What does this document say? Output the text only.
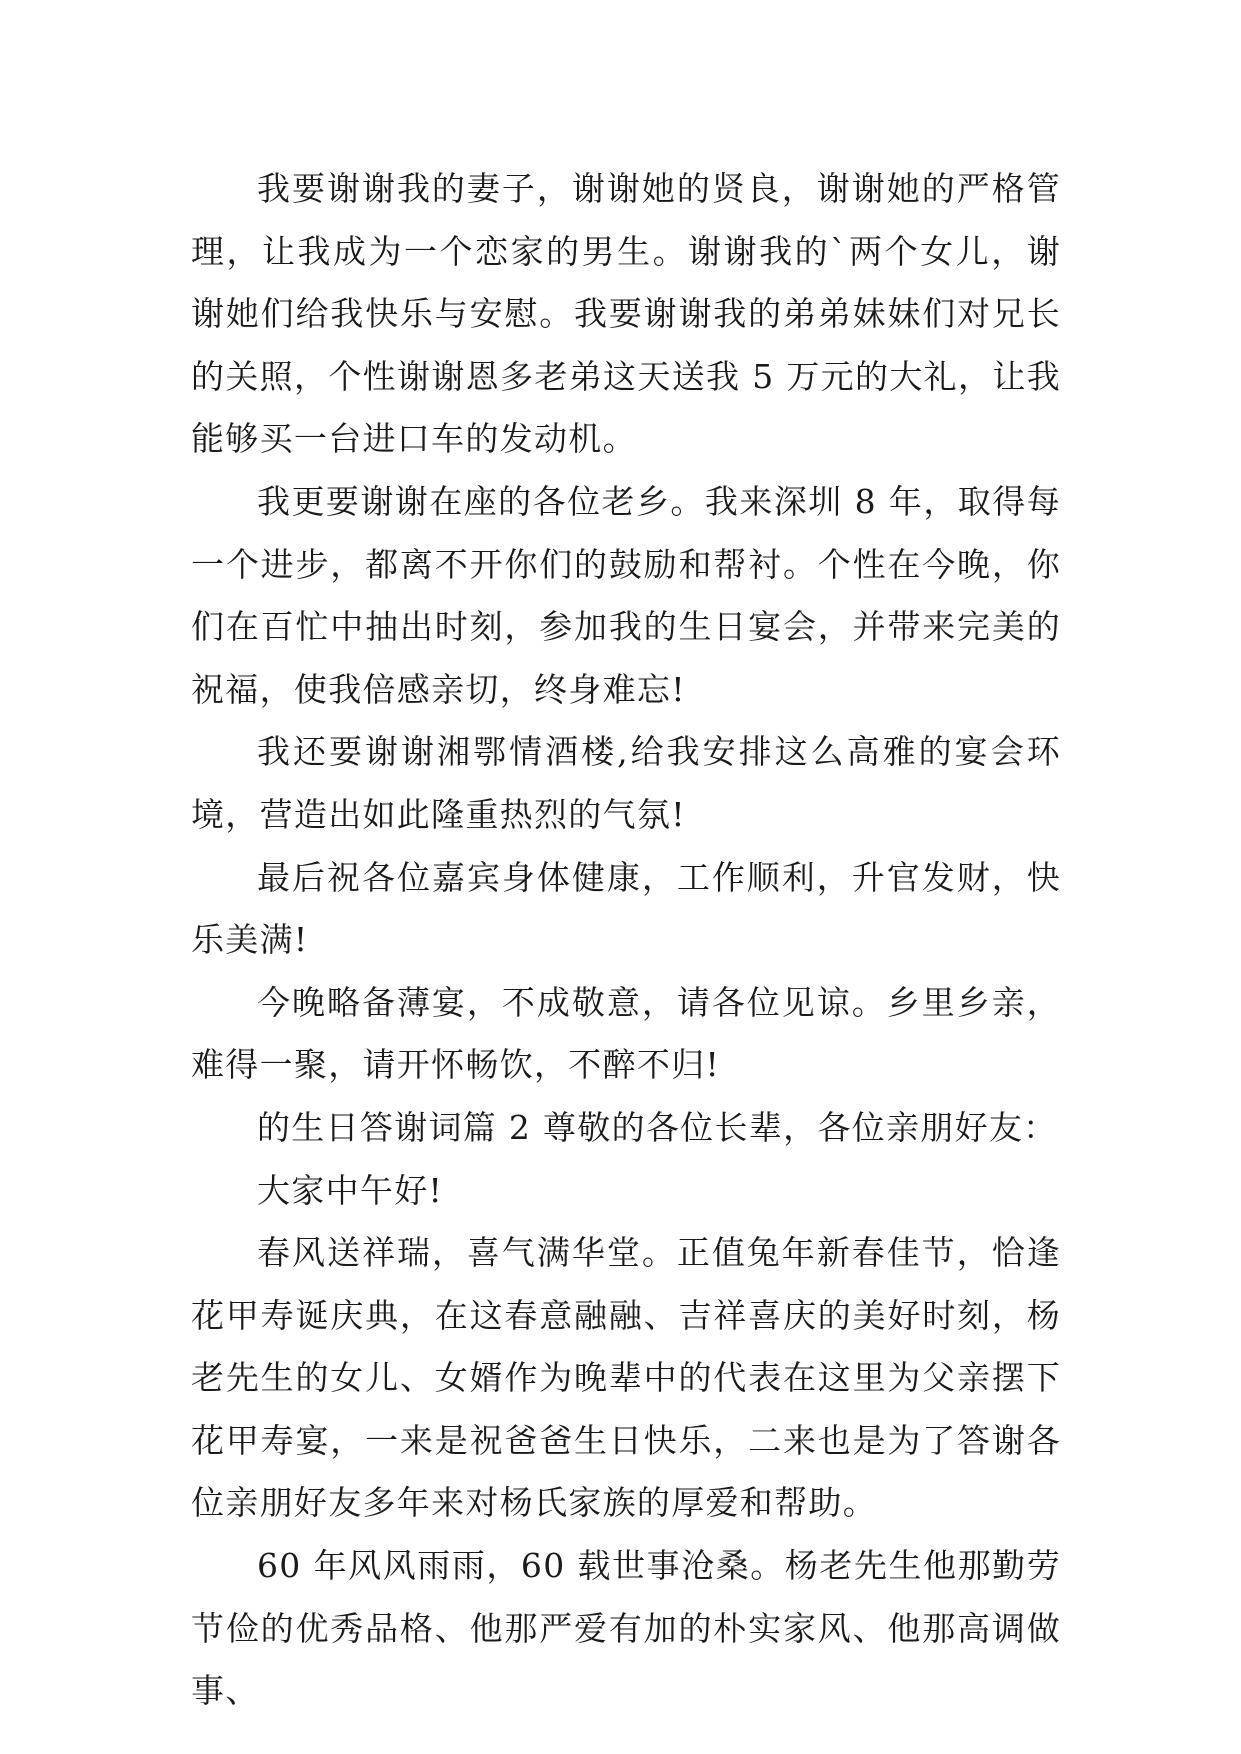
我要谢谢我的妻子，谢谢她的贤良，谢谢她的严格管理，让我成为一个恋家的男生。谢谢我的`两个女儿，谢谢她们给我快乐与安慰。我要谢谢我的弟弟妹妹们对兄长的关照，个性谢谢恩多老弟这天送我 5 万元的大礼，让我能够买一台进口车的发动机。

我更要谢谢在座的各位老乡。我来深圳 8 年，取得每一个进步，都离不开你们的鼓励和帮衬。个性在今晚，你们在百忙中抽出时刻，参加我的生日宴会，并带来完美的祝福，使我倍感亲切，终身难忘!

我还要谢谢湘鄂情酒楼,给我安排这么高雅的宴会环境，营造出如此隆重热烈的气氛!

最后祝各位嘉宾身体健康，工作顺利，升官发财，快乐美满!

今晚略备薄宴，不成敬意，请各位见谅。乡里乡亲，难得一聚，请开怀畅饮，不醉不归!

的生日答谢词篇 2 尊敬的各位长辈，各位亲朋好友：

大家中午好!

春风送祥瑞，喜气满华堂。正值兔年新春佳节，恰逢花甲寿诞庆典，在这春意融融、吉祥喜庆的美好时刻，杨老先生的女儿、女婿作为晚辈中的代表在这里为父亲摆下花甲寿宴，一来是祝爸爸生日快乐，二来也是为了答谢各位亲朋好友多年来对杨氏家族的厚爱和帮助。

60 年风风雨雨，60 载世事沧桑。杨老先生他那勤劳节俭的优秀品格、他那严爱有加的朴实家风、他那高调做事、
